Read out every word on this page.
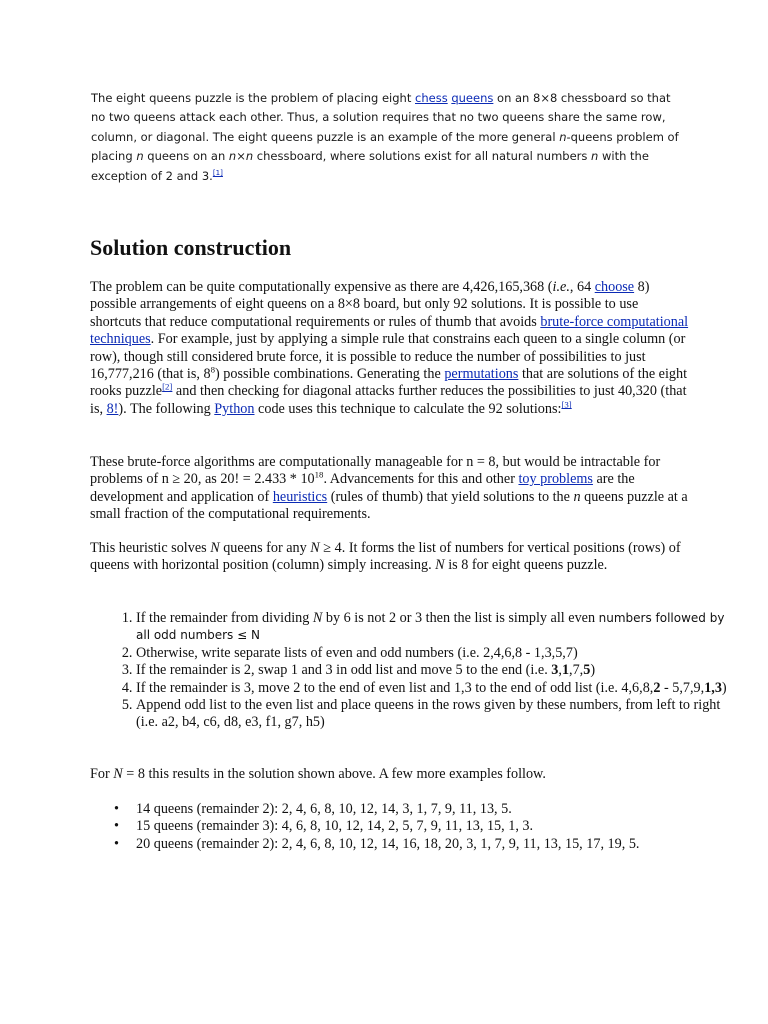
The eight queens puzzle is the problem of placing eight chess queens on an 8×8 chessboard so that no two queens attack each other. Thus, a solution requires that no two queens share the same row, column, or diagonal. The eight queens puzzle is an example of the more general n-queens problem of placing n queens on an n×n chessboard, where solutions exist for all natural numbers n with the exception of 2 and 3.[1]

Solution construction

The problem can be quite computationally expensive as there are 4,426,165,368 (i.e., 64 choose 8) possible arrangements of eight queens on a 8×8 board, but only 92 solutions. It is possible to use shortcuts that reduce computational requirements or rules of thumb that avoids brute-force computational techniques. For example, just by applying a simple rule that constrains each queen to a single column (or row), though still considered brute force, it is possible to reduce the number of possibilities to just 16,777,216 (that is, $8^8$) possible combinations. Generating the permutations that are solutions of the eight rooks puzzle[2] and then checking for diagonal attacks further reduces the possibilities to just 40,320 (that is, 8!). The following Python code uses this technique to calculate the 92 solutions:[3]

These brute-force algorithms are computationally manageable for n = 8, but would be intractable for problems of n ≥ 20, as 20! = $2.433 * 10^{18}$. Advancements for this and other toy problems are the development and application of heuristics (rules of thumb) that yield solutions to the n queens puzzle at a small fraction of the computational requirements.

This heuristic solves N queens for any N ≥ 4. It forms the list of numbers for vertical positions (rows) of queens with horizontal position (column) simply increasing. N is 8 for eight queens puzzle.

1. If the remainder from dividing N by 6 is not 2 or 3 then the list is simply all even numbers followed by all odd numbers ≤ N
2. Otherwise, write separate lists of even and odd numbers (i.e. 2,4,6,8 - 1,3,5,7)
3. If the remainder is 2, swap 1 and 3 in odd list and move 5 to the end (i.e. 3,1,7,5)
4. If the remainder is 3, move 2 to the end of even list and 1,3 to the end of odd list (i.e. 4,6,8,2 - 5,7,9,1,3)
5. Append odd list to the even list and place queens in the rows given by these numbers, from left to right (i.e. a2, b4, c6, d8, e3, f1, g7, h5)

For N = 8 this results in the solution shown above. A few more examples follow.

• 14 queens (remainder 2): 2, 4, 6, 8, 10, 12, 14, 3, 1, 7, 9, 11, 13, 5.
• 15 queens (remainder 3): 4, 6, 8, 10, 12, 14, 2, 5, 7, 9, 11, 13, 15, 1, 3.
• 20 queens (remainder 2): 2, 4, 6, 8, 10, 12, 14, 16, 18, 20, 3, 1, 7, 9, 11, 13, 15, 17, 19, 5.
